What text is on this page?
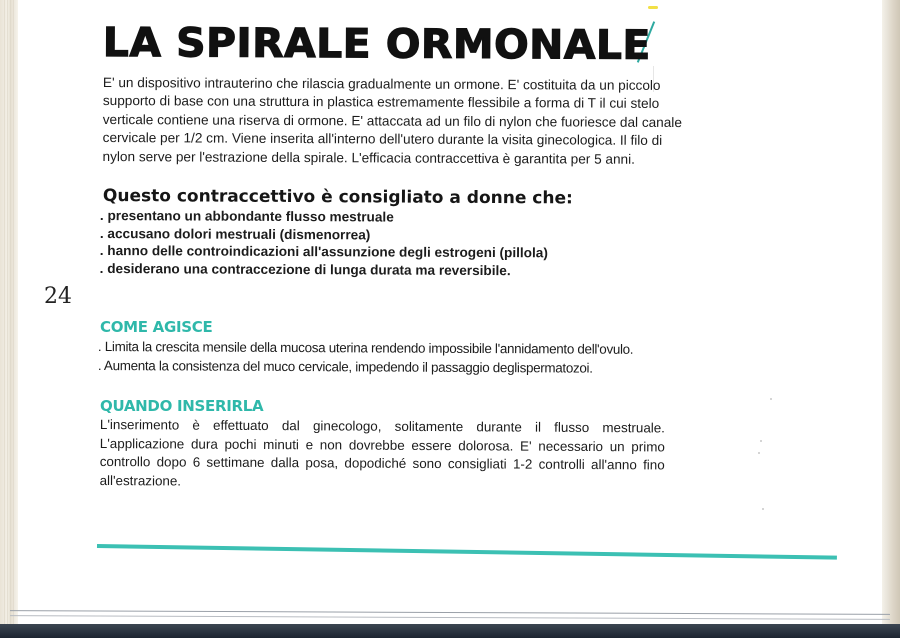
LA SPIRALE ORMONALE

E' un dispositivo intrauterino che rilascia gradualmente un ormone. E' costituita da un piccolo
supporto di base con una struttura in plastica estremamente flessibile a forma di T il cui stelo
verticale contiene una riserva di ormone. E' attaccata ad un filo di nylon che fuoriesce dal canale
cervicale per 1/2 cm. Viene inserita all'interno dell'utero durante la visita ginecologica. Il filo di
nylon serve per l'estrazione della spirale. L'efficacia contraccettiva è garantita per 5 anni.

Questo contraccettivo è consigliato a donne che:
. presentano un abbondante flusso mestruale
. accusano dolori mestruali (dismenorrea)
. hanno delle controindicazioni all'assunzione degli estrogeni (pillola)
. desiderano una contraccezione di lunga durata ma reversibile.
24
COME AGISCE
. Limita la crescita mensile della mucosa uterina rendendo impossibile l'annidamento dell'ovulo.
. Aumenta la consistenza del muco cervicale, impedendo il passaggio deglispermatozoi.
QUANDO INSERIRLA

L'inserimento è effettuato dal ginecologo, solitamente durante il flusso mestruale.
L'applicazione dura pochi minuti e non dovrebbe essere dolorosa. E' necessario un primo
controllo dopo 6 settimane dalla posa, dopodiché sono consigliati 1-2 controlli all'anno fino
all'estrazione.
